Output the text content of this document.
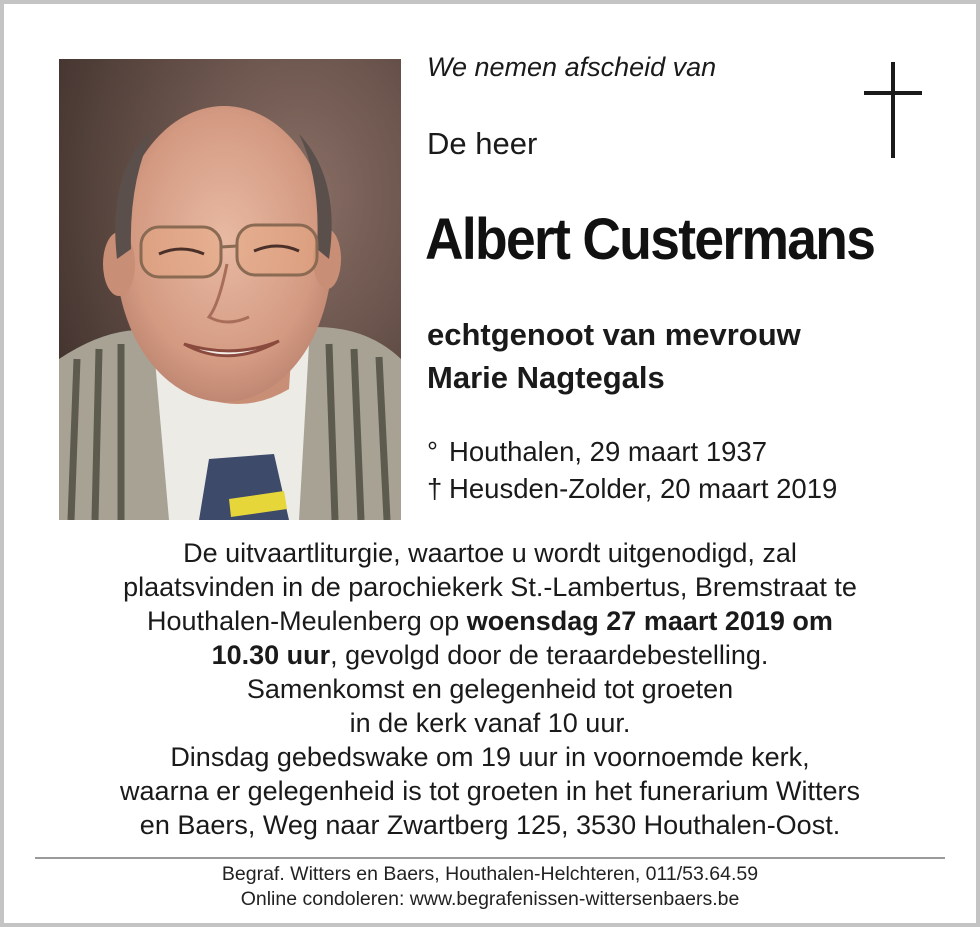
We nemen afscheid van
De heer
Albert Custermans
echtgenoot van mevrouw
Marie Nagtegals
° Houthalen, 29 maart 1937
† Heusden-Zolder, 20 maart 2019
De uitvaartliturgie, waartoe u wordt uitgenodigd, zal
plaatsvinden in de parochiekerk St.-Lambertus, Bremstraat te
Houthalen-Meulenberg op woensdag 27 maart 2019 om
10.30 uur, gevolgd door de teraardebestelling.
Samenkomst en gelegenheid tot groeten
in de kerk vanaf 10 uur.
Dinsdag gebedswake om 19 uur in voornoemde kerk,
waarna er gelegenheid is tot groeten in het funerarium Witters
en Baers, Weg naar Zwartberg 125, 3530 Houthalen-Oost.
Begraf. Witters en Baers, Houthalen-Helchteren, 011/53.64.59
Online condoleren: www.begrafenissen-wittersenbaers.be
